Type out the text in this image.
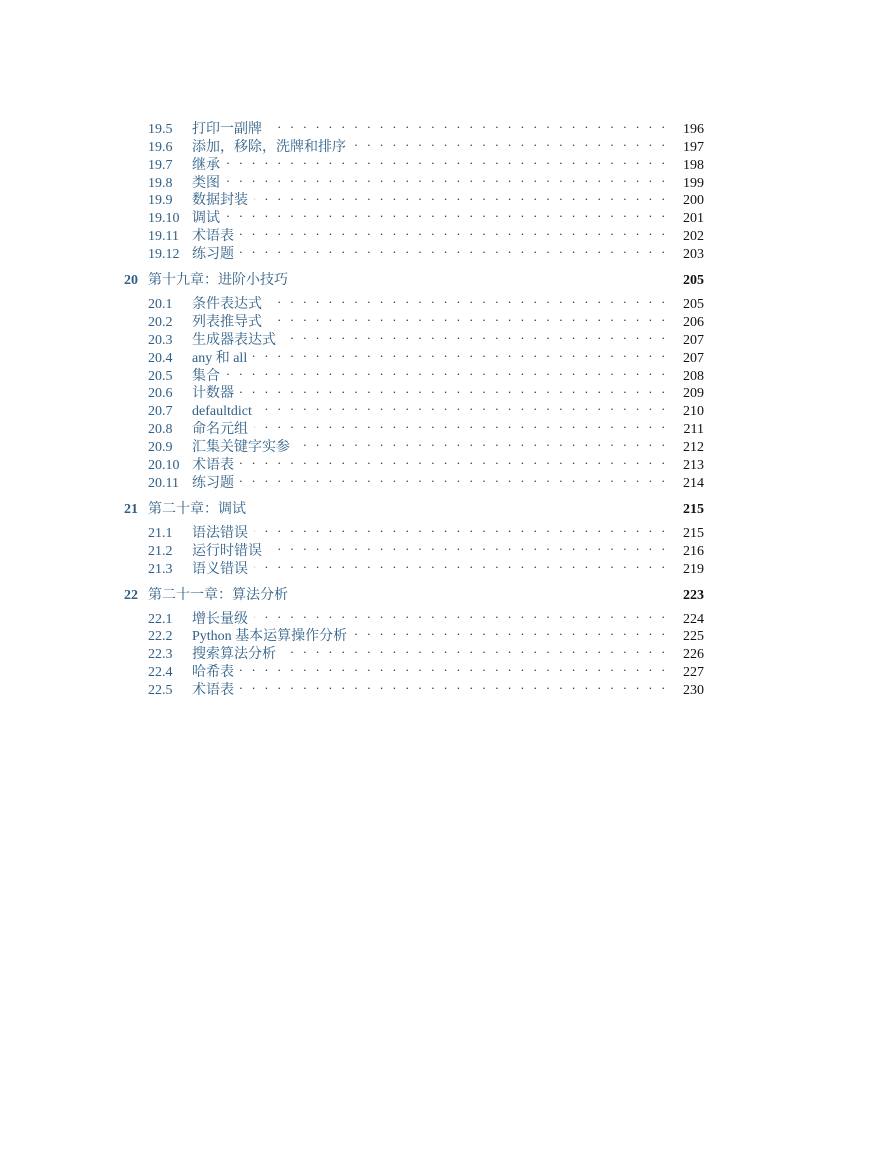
19.5	打印一副牌 . . .	196
19.6	添加，移除，洗牌和排序 . . .	197
19.7	继承 . . .	198
19.8	类图 . . .	199
19.9	数据封装 . . .	200
19.10 调试 . . .	201
19.11 术语表 . . .	202
19.12 练习题 . . .	203
20 第十九章：进阶小技巧	205
20.1	条件表达式 . . .	205
20.2	列表推导式 . . .	206
20.3	生成器表达式 . . .	207
20.4	any 和 all . . .	207
20.5	集合 . . .	208
20.6	计数器 . . .	209
20.7	defaultdict . . .	210
20.8	命名元组 . . .	211
20.9	汇集关键字实参 . . .	212
20.10 术语表 . . .	213
20.11 练习题 . . .	214
21 第二十章：调试	215
21.1	语法错误 . . .	215
21.2	运行时错误 . . .	216
21.3	语义错误 . . .	219
22 第二十一章：算法分析	223
22.1	增长量级 . . .	224
22.2	Python 基本运算操作分析 . . .	225
22.3	搜索算法分析 . . .	226
22.4	哈希表 . . .	227
22.5	术语表 . . .	230
